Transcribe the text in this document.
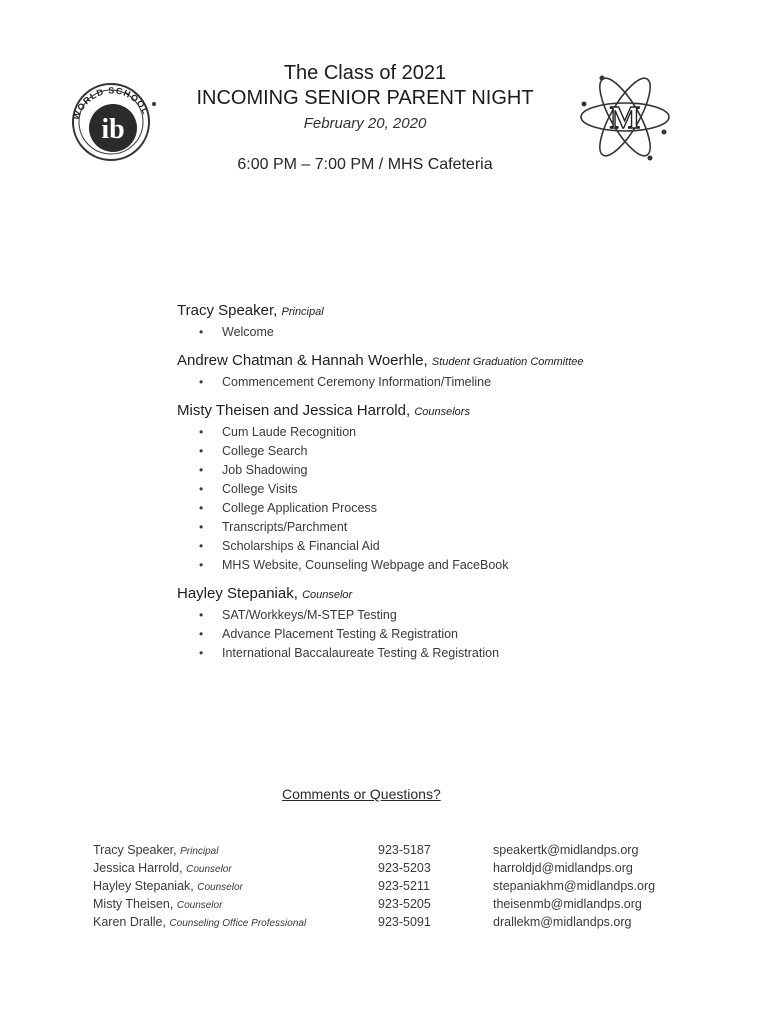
WORLD SCHOOL
ib
The Class of 2021
INCOMING SENIOR PARENT NIGHT
February 20, 2020	M
6:00 PM – 7:00 PM / MHS Cafeteria
Tracy Speaker, Principal
• Welcome
Andrew Chatman & Hannah Woerhle, Student Graduation Committee
• Commencement Ceremony Information/Timeline
Misty Theisen and Jessica Harrold, Counselors
• Cum Laude Recognition
• College Search
• Job Shadowing
• College Visits
• College Application Process
• Transcripts/Parchment
• Scholarships & Financial Aid
• MHS Website, Counseling Webpage and FaceBook
Hayley Stepaniak, Counselor
• SAT/Workkeys/M-STEP Testing
• Advance Placement Testing & Registration
• International Baccalaureate Testing & Registration
Comments or Questions?
Tracy Speaker, Principal	923-5187	speakertk@midlandps.org
Jessica Harrold, Counselor	923-5203	harroldjd@midlandps.org
Hayley Stepaniak, Counselor	923-5211	stepaniakhm@midlandps.org
Misty Theisen, Counselor	923-5205	theisenmb@midlandps.org
Karen Dralle, Counseling Office Professional	923-5091	drallekm@midlandps.org
